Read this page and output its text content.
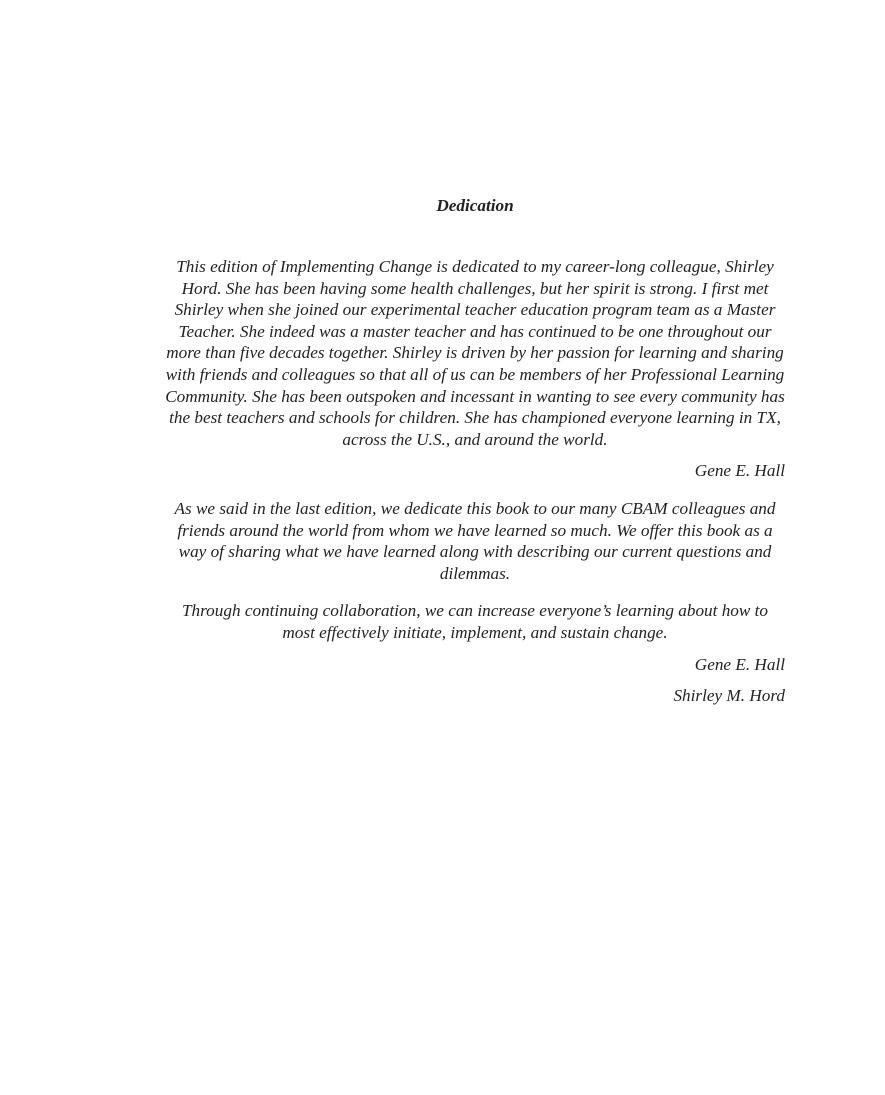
Dedication

This edition of Implementing Change is dedicated to my career-long colleague, Shirley Hord. She has been having some health challenges, but her spirit is strong. I first met Shirley when she joined our experimental teacher education program team as a Master Teacher. She indeed was a master teacher and has continued to be one throughout our more than five decades together. Shirley is driven by her passion for learning and sharing with friends and colleagues so that all of us can be members of her Professional Learning Community. She has been outspoken and incessant in wanting to see every community has the best teachers and schools for children. She has championed everyone learning in TX, across the U.S., and around the world.

Gene E. Hall

As we said in the last edition, we dedicate this book to our many CBAM colleagues and friends around the world from whom we have learned so much. We offer this book as a way of sharing what we have learned along with describing our current questions and dilemmas.

Through continuing collaboration, we can increase everyone’s learning about how to most effectively initiate, implement, and sustain change.

Gene E. Hall

Shirley M. Hord
